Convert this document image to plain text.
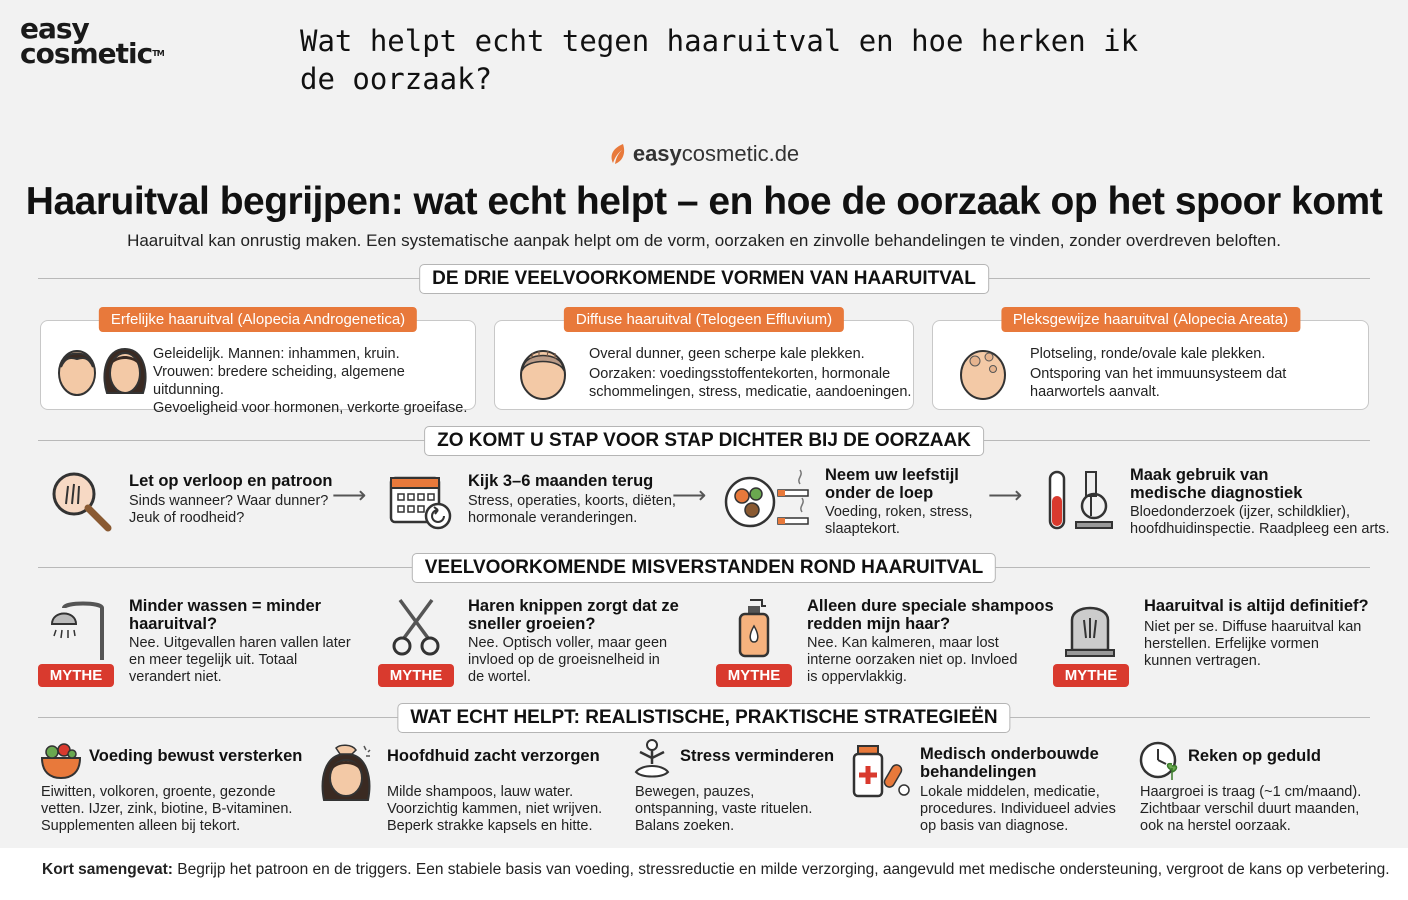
easy
cosmetic™	Wat helpt echt tegen haaruitval en hoe herken ik de oorzaak?
easycosmetic.de
Haaruitval begrijpen: wat echt helpt – en hoe de oorzaak op het spoor komt
Haaruitval kan onrustig maken. Een systematische aanpak helpt om de vorm, oorzaken en zinvolle behandelingen te vinden, zonder overdreven beloften.
DE DRIE VEELVOORKOMENDE VORMEN VAN HAARUITVAL
Erfelijke haaruitval (Alopecia Androgenetica)
Geleidelijk. Mannen: inhammen, kruin.
Vrouwen: bredere scheiding, algemene uitdunning.
Gevoeligheid voor hormonen, verkorte groeifase.
Diffuse haaruitval (Telogeen Effluvium)
Overal dunner, geen scherpe kale plekken.
Oorzaken: voedingsstoffentekorten, hormonale
schommelingen, stress, medicatie, aandoeningen.
Pleksgewijze haaruitval (Alopecia Areata)
Plotseling, ronde/ovale kale plekken.
Ontsporing van het immuunsysteem dat
haarwortels aanvalt.
ZO KOMT U STAP VOOR STAP DICHTER BIJ DE OORZAAK
Let op verloop en patroon
Sinds wanneer? Waar dunner?
Jeuk of roodheid?
⟶
Kijk 3–6 maanden terug
Stress, operaties, koorts, diëten,
hormonale veranderingen.
⟶
Neem uw leefstijl
onder de loep
Voeding, roken, stress,
slaaptekort.
⟶
Maak gebruik van
medische diagnostiek
Bloedonderzoek (ijzer, schildklier),
hoofdhuidinspectie. Raadpleeg een arts.
VEELVOORKOMENDE MISVERSTANDEN ROND HAARUITVAL
MYTHE
Minder wassen = minder
haaruitval?
Nee. Uitgevallen haren vallen later
en meer tegelijk uit. Totaal
verandert niet.	MYTHE
Haren knippen zorgt dat ze
sneller groeien?
Nee. Optisch voller, maar geen
invloed op de groeisnelheid in
de wortel.	MYTHE
Alleen dure speciale shampoos
redden mijn haar?
Nee. Kan kalmeren, maar lost
interne oorzaken niet op. Invloed
is oppervlakkig.	MYTHE
Haaruitval is altijd definitief?
Niet per se. Diffuse haaruitval kan
herstellen. Erfelijke vormen
kunnen vertragen.
WAT ECHT HELPT: REALISTISCHE, PRAKTISCHE STRATEGIEËN
Voeding bewust versterken
Eiwitten, volkoren, groente, gezonde
vetten. IJzer, zink, biotine, B-vitaminen.
Supplementen alleen bij tekort.
Hoofdhuid zacht verzorgen
Milde shampoos, lauw water.
Voorzichtig kammen, niet wrijven.
Beperk strakke kapsels en hitte.
Stress verminderen
Bewegen, pauzes,
ontspanning, vaste rituelen.
Balans zoeken.
Medisch onderbouwde
behandelingen
Lokale middelen, medicatie,
procedures. Individueel advies
op basis van diagnose.
Reken op geduld
Haargroei is traag (~1 cm/maand).
Zichtbaar verschil duurt maanden,
ook na herstel oorzaak.
Kort samengevat: Begrijp het patroon en de triggers. Een stabiele basis van voeding, stressreductie en milde verzorging, aangevuld met medische ondersteuning, vergroot de kans op verbetering.
